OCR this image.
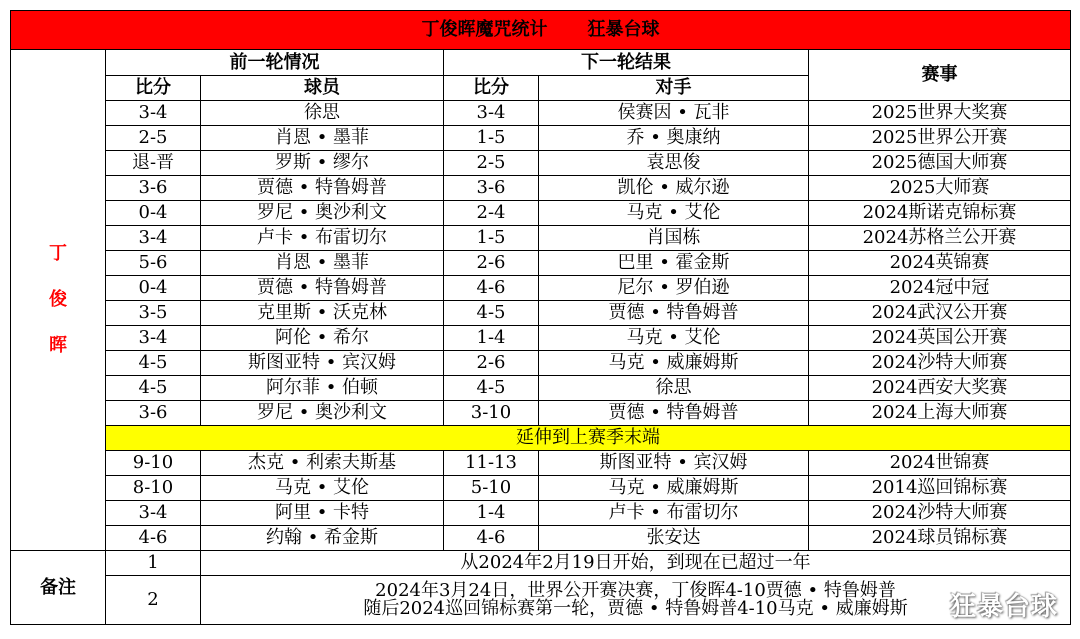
丁俊晖魔咒统计 狂暴台球					

丁
俊
晖	前一轮情况		下一轮结果		赛事
	比分	球员	比分	对手	
	3-4	徐思	3-4	侯赛因 • 瓦非	2025世界大奖赛
	2-5	肖恩 • 墨菲	1-5	乔 • 奥康纳	2025世界公开赛
	退-晋	罗斯 • 缪尔	2-5	袁思俊	2025德国大师赛
	3-6	贾德 • 特鲁姆普	3-6	凯伦 • 威尔逊	2025大师赛
	0-4	罗尼 • 奥沙利文	2-4	马克 • 艾伦	2024斯诺克锦标赛
	3-4	卢卡 • 布雷切尔	1-5	肖国栋	2024苏格兰公开赛
	5-6	肖恩 • 墨菲	2-6	巴里 • 霍金斯	2024英锦赛
	0-4	贾德 • 特鲁姆普	4-6	尼尔 • 罗伯逊	2024冠中冠
	3-5	克里斯 • 沃克林	4-5	贾德 • 特鲁姆普	2024武汉公开赛
	3-4	阿伦 • 希尔	1-4	马克 • 艾伦	2024英国公开赛
	4-5	斯图亚特 • 宾汉姆	2-6	马克 • 威廉姆斯	2024沙特大师赛
	4-5	阿尔菲 • 伯顿	4-5	徐思	2024西安大奖赛
	3-6	罗尼 • 奥沙利文	3-10	贾德 • 特鲁姆普	2024上海大师赛
	延伸到上赛季末端				
	9-10	杰克 • 利索夫斯基	11-13	斯图亚特 • 宾汉姆	2024世锦赛
	8-10	马克 • 艾伦	5-10	马克 • 威廉姆斯	2014巡回锦标赛
	3-4	阿里 • 卡特	1-4	卢卡 • 布雷切尔	2024沙特大师赛
	4-6	约翰 • 希金斯	4-6	张安达	2024球员锦标赛
备注	1	从2024年2月19日开始，到现在已超过一年			
	2	2024年3月24日，世界公开赛决赛，丁俊晖4-10贾德 • 特鲁姆普
随后2024巡回锦标赛第一轮，贾德 • 特鲁姆普4-10马克 • 威廉姆斯				狂暴台球
